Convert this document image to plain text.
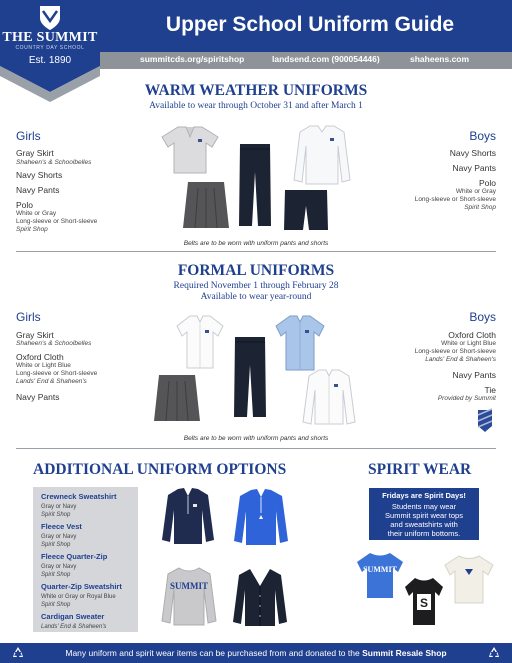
THE SUMMIT
COUNTRY DAY SCHOOL
Est. 1890
Upper School Uniform Guide
summitcds.org/spiritshop	landsend.com (900054446)	shaheens.com
WARM WEATHER UNIFORMS
Available to wear through October 31 and after March 1
Girls	Boys
Gray Skirt
Shaheen's & Schoolbelles
Navy Shorts
Navy Pants
Polo
White or Gray
Long-sleeve or Short-sleeve
Spirit Shop
Navy Shorts
Navy Pants
Polo
White or Gray
Long-sleeve or Short-sleeve
Spirit Shop
Belts are to be worn with uniform pants and shorts
FORMAL UNIFORMS
Required November 1 through February 28
Available to wear year-round
Girls	Boys
Gray Skirt
Shaheen's & Schoolbelles
Oxford Cloth
White or Light Blue
Long-sleeve or Short-sleeve
Lands' End & Shaheen's
Navy Pants
Oxford Cloth
White or Light Blue
Long-sleeve or Short-sleeve
Lands' End & Shaheen's
Navy Pants
Tie
Provided by Summit
Belts are to be worn with uniform pants and shorts
ADDITIONAL UNIFORM OPTIONS
Crewneck Sweatshirt
Gray or Navy
Spirit Shop
Fleece Vest
Gray or Navy
Spirit Shop
Fleece Quarter-Zip
Gray or Navy
Spirit Shop
Quarter-Zip Sweatshirt
White or Gray or Royal Blue
Spirit Shop
Cardigan Sweater
Lands' End & Shaheen's
SUMMIT
SPIRIT WEAR
Fridays are Spirit Days!
Students may wear
Summit spirit wear tops
and sweatshirts with
their uniform bottoms.
SUMMIT
S
Many uniform and spirit wear items can be purchased from and donated to the Summit Resale Shop
